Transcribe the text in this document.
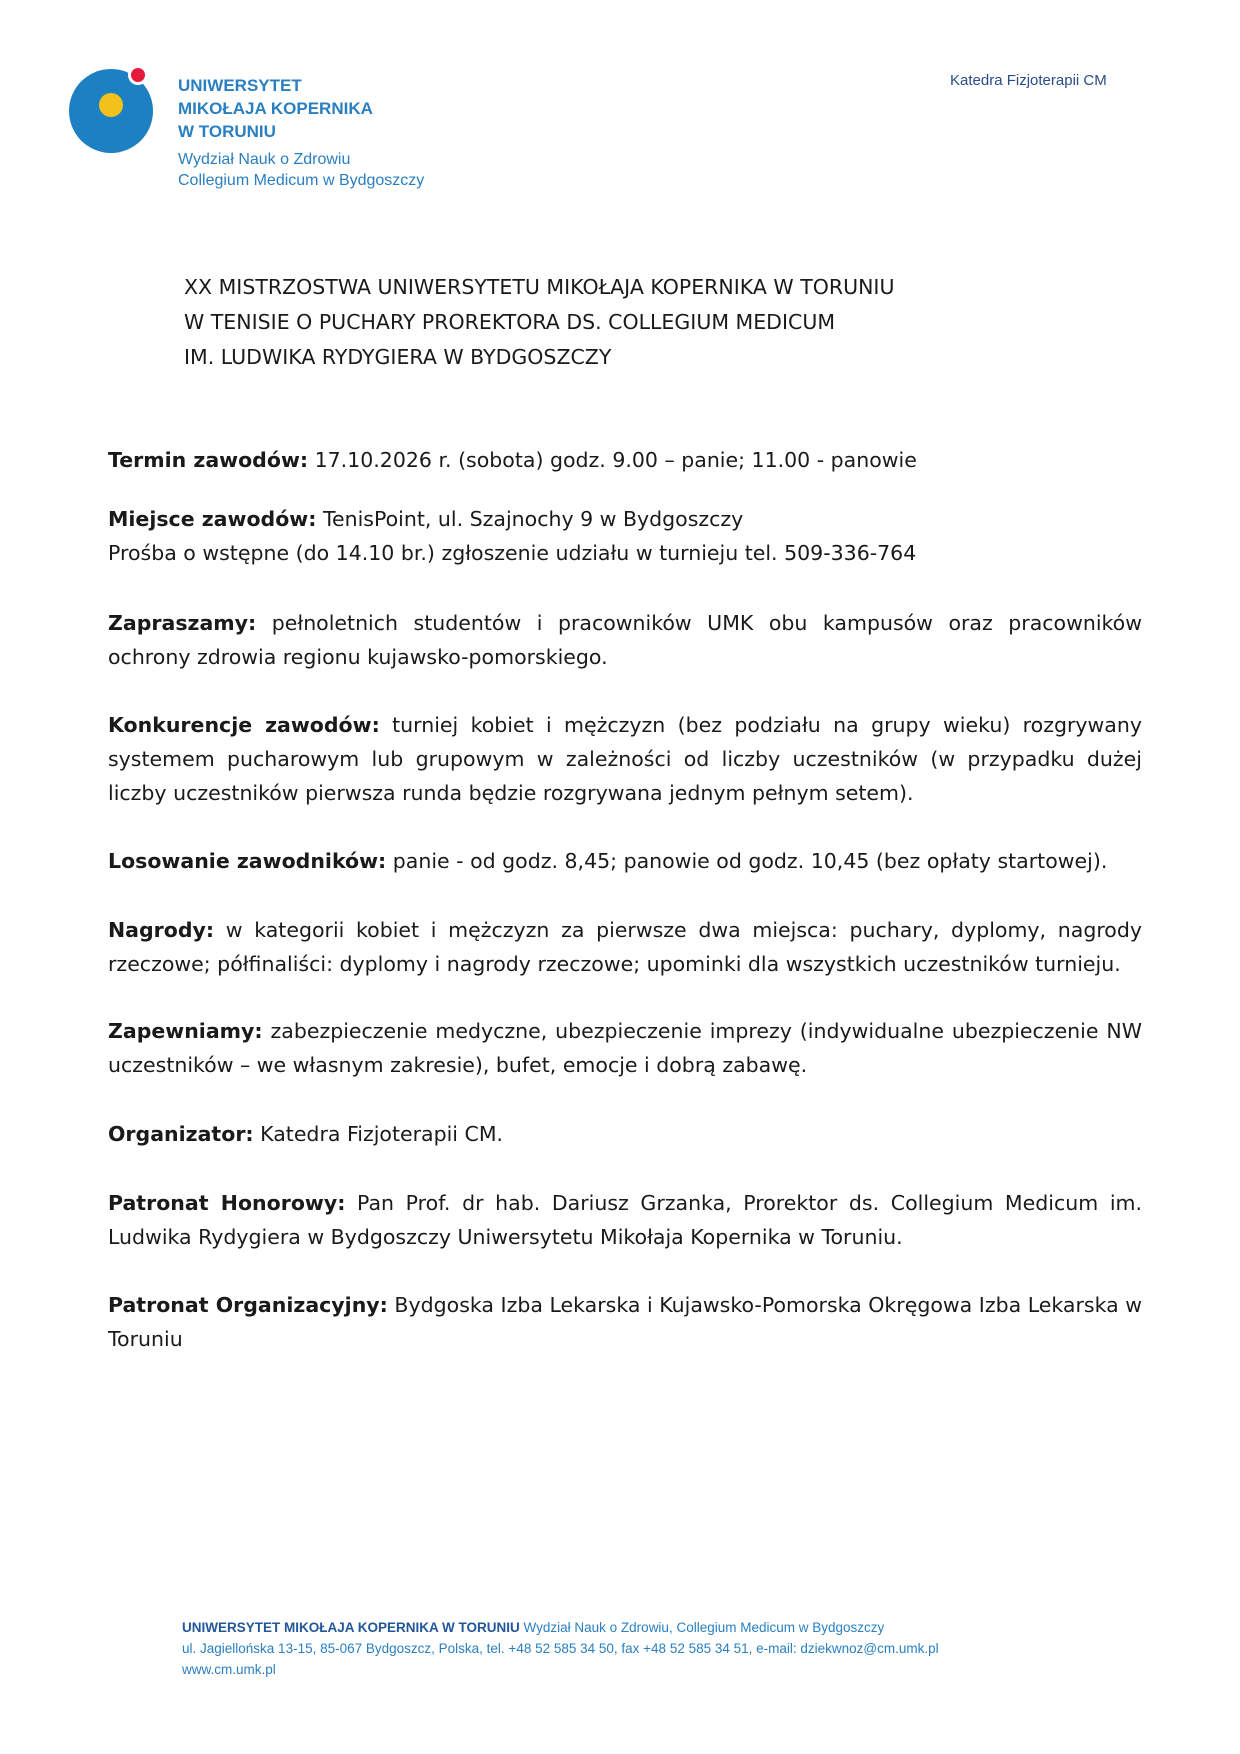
UNIWERSYTET
MIKOŁAJA KOPERNIKA
W TORUNIU
Wydział Nauk o Zdrowiu
Collegium Medicum w Bydgoszczy
Katedra Fizjoterapii CM
XX MISTRZOSTWA UNIWERSYTETU MIKOŁAJA KOPERNIKA W TORUNIU
W TENISIE O PUCHARY PROREKTORA DS. COLLEGIUM MEDICUM
IM. LUDWIKA RYDYGIERA W BYDGOSZCZY

Termin zawodów: 17.10.2026 r. (sobota) godz. 9.00 – panie; 11.00 - panowie

Miejsce zawodów: TenisPoint, ul. Szajnochy 9 w Bydgoszczy

Prośba o wstępne (do 14.10 br.) zgłoszenie udziału w turnieju tel. 509-336-764

Zapraszamy: pełnoletnich studentów i pracowników UMK obu kampusów oraz pracowników ochrony zdrowia regionu kujawsko-pomorskiego.

Konkurencje zawodów: turniej kobiet i mężczyzn (bez podziału na grupy wieku) rozgrywany systemem pucharowym lub grupowym w zależności od liczby uczestników (w przypadku dużej liczby uczestników pierwsza runda będzie rozgrywana jednym pełnym setem).

Losowanie zawodników: panie - od godz. 8,45; panowie od godz. 10,45 (bez opłaty startowej).

Nagrody: w kategorii kobiet i mężczyzn za pierwsze dwa miejsca: puchary, dyplomy, nagrody rzeczowe; półfinaliści: dyplomy i nagrody rzeczowe; upominki dla wszystkich uczestników turnieju.

Zapewniamy: zabezpieczenie medyczne, ubezpieczenie imprezy (indywidualne ubezpieczenie NW uczestników – we własnym zakresie), bufet, emocje i dobrą zabawę.

Organizator: Katedra Fizjoterapii CM.

Patronat Honorowy: Pan Prof. dr hab. Dariusz Grzanka, Prorektor ds. Collegium Medicum im. Ludwika Rydygiera w Bydgoszczy Uniwersytetu Mikołaja Kopernika w Toruniu.

Patronat Organizacyjny: Bydgoska Izba Lekarska i Kujawsko-Pomorska Okręgowa Izba Lekarska w Toruniu

UNIWERSYTET MIKOŁAJA KOPERNIKA W TORUNIU Wydział Nauk o Zdrowiu, Collegium Medicum w Bydgoszczy
ul. Jagiellońska 13-15, 85-067 Bydgoszcz, Polska, tel. +48 52 585 34 50, fax +48 52 585 34 51, e-mail: dziekwnoz@cm.umk.pl
www.cm.umk.pl
